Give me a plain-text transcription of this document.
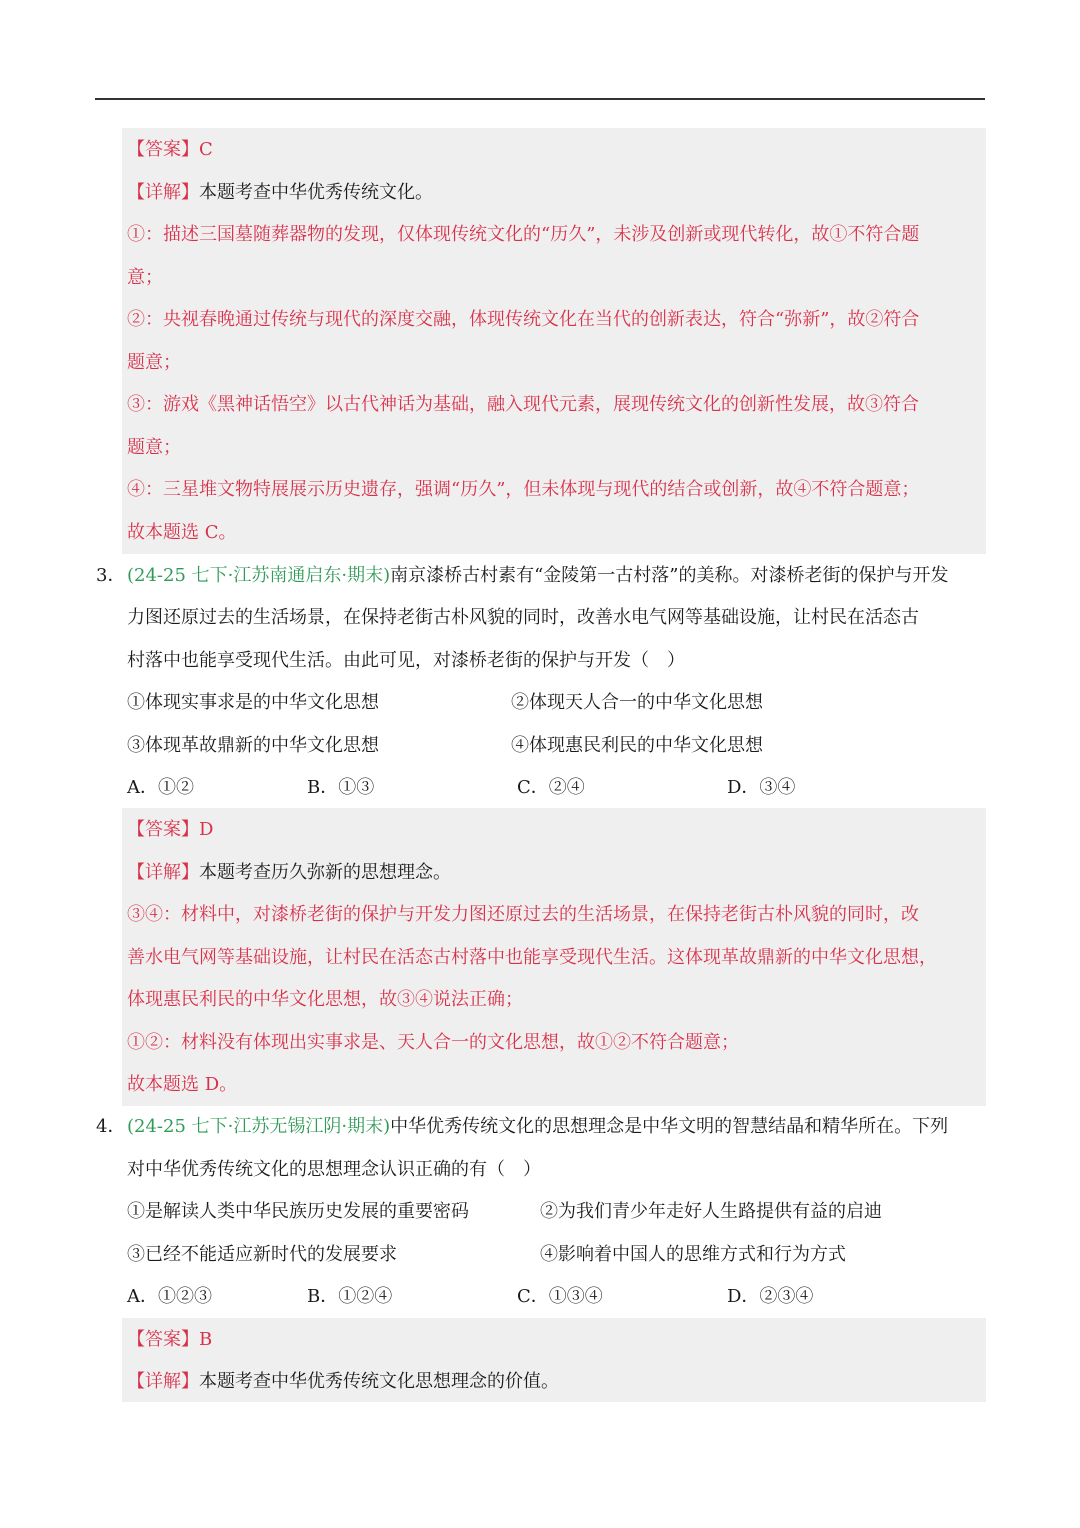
【答案】C
【详解】本题考查中华优秀传统文化。
①：描述三国墓随葬器物的发现，仅体现传统文化的“历久”，未涉及创新或现代转化，故①不符合题
意；
②：央视春晚通过传统与现代的深度交融，体现传统文化在当代的创新表达，符合“弥新”，故②符合
题意；
③：游戏《黑神话悟空》以古代神话为基础，融入现代元素，展现传统文化的创新性发展，故③符合
题意；
④：三星堆文物特展展示历史遗存，强调“历久”，但未体现与现代的结合或创新，故④不符合题意；
故本题选 C。
3． (24-25 七下·江苏南通启东·期末)南京漆桥古村素有“金陵第一古村落”的美称。对漆桥老街的保护与开发
力图还原过去的生活场景，在保持老街古朴风貌的同时，改善水电气网等基础设施，让村民在活态古
村落中也能享受现代生活。由此可见，对漆桥老街的保护与开发（　）
①体现实事求是的中华文化思想	②体现天人合一的中华文化思想
③体现革故鼎新的中华文化思想	④体现惠民利民的中华文化思想
A．①②	B．①③	C．②④	D．③④
【答案】D
【详解】本题考查历久弥新的思想理念。
③④：材料中，对漆桥老街的保护与开发力图还原过去的生活场景，在保持老街古朴风貌的同时，改
善水电气网等基础设施，让村民在活态古村落中也能享受现代生活。这体现革故鼎新的中华文化思想，
体现惠民利民的中华文化思想，故③④说法正确；
①②：材料没有体现出实事求是、天人合一的文化思想，故①②不符合题意；
故本题选 D。
4． (24-25 七下·江苏无锡江阴·期末)中华优秀传统文化的思想理念是中华文明的智慧结晶和精华所在。下列
对中华优秀传统文化的思想理念认识正确的有（　）
①是解读人类中华民族历史发展的重要密码	②为我们青少年走好人生路提供有益的启迪
③已经不能适应新时代的发展要求	④影响着中国人的思维方式和行为方式
A．①②③	B．①②④	C．①③④	D．②③④
【答案】B
【详解】本题考查中华优秀传统文化思想理念的价值。
